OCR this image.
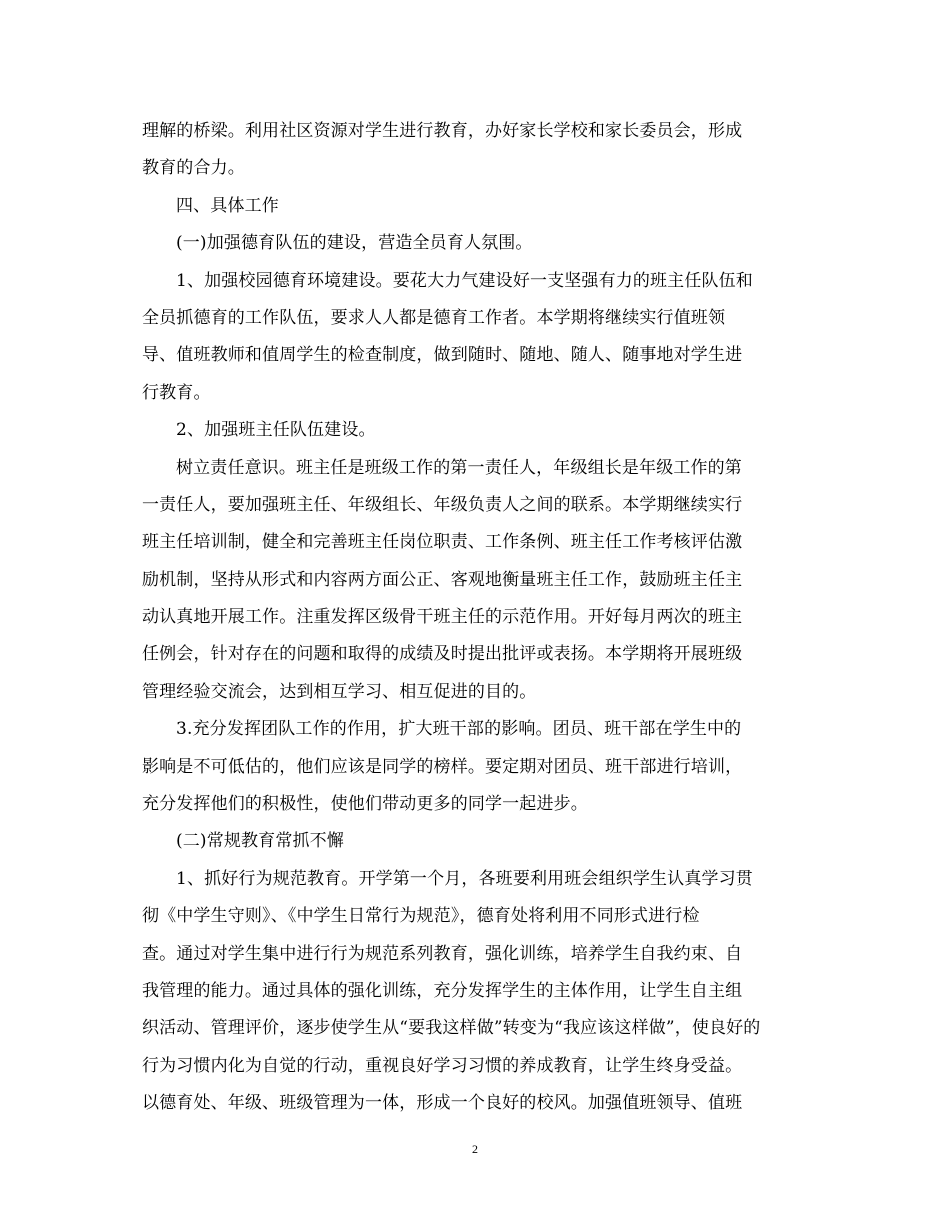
理解的桥梁。利用社区资源对学生进行教育，办好家长学校和家长委员会，形成
教育的合力。
四、具体工作
(一)加强德育队伍的建设，营造全员育人氛围。
1、加强校园德育环境建设。要花大力气建设好一支坚强有力的班主任队伍和
全员抓德育的工作队伍，要求人人都是德育工作者。本学期将继续实行值班领
导、值班教师和值周学生的检查制度，做到随时、随地、随人、随事地对学生进
行教育。
2、加强班主任队伍建设。
树立责任意识。班主任是班级工作的第一责任人，年级组长是年级工作的第
一责任人，要加强班主任、年级组长、年级负责人之间的联系。本学期继续实行
班主任培训制，健全和完善班主任岗位职责、工作条例、班主任工作考核评估激
励机制，坚持从形式和内容两方面公正、客观地衡量班主任工作，鼓励班主任主
动认真地开展工作。注重发挥区级骨干班主任的示范作用。开好每月两次的班主
任例会，针对存在的问题和取得的成绩及时提出批评或表扬。本学期将开展班级
管理经验交流会，达到相互学习、相互促进的目的。
3.充分发挥团队工作的作用，扩大班干部的影响。团员、班干部在学生中的
影响是不可低估的，他们应该是同学的榜样。要定期对团员、班干部进行培训，
充分发挥他们的积极性，使他们带动更多的同学一起进步。
(二)常规教育常抓不懈
1、抓好行为规范教育。开学第一个月，各班要利用班会组织学生认真学习贯
彻《中学生守则》、《中学生日常行为规范》，德育处将利用不同形式进行检
查。通过对学生集中进行行为规范系列教育，强化训练，培养学生自我约束、自
我管理的能力。通过具体的强化训练，充分发挥学生的主体作用，让学生自主组
织活动、管理评价，逐步使学生从“要我这样做”转变为“我应该这样做”，使良好的
行为习惯内化为自觉的行动，重视良好学习习惯的养成教育，让学生终身受益。
以德育处、年级、班级管理为一体，形成一个良好的校风。加强值班领导、值班
2
